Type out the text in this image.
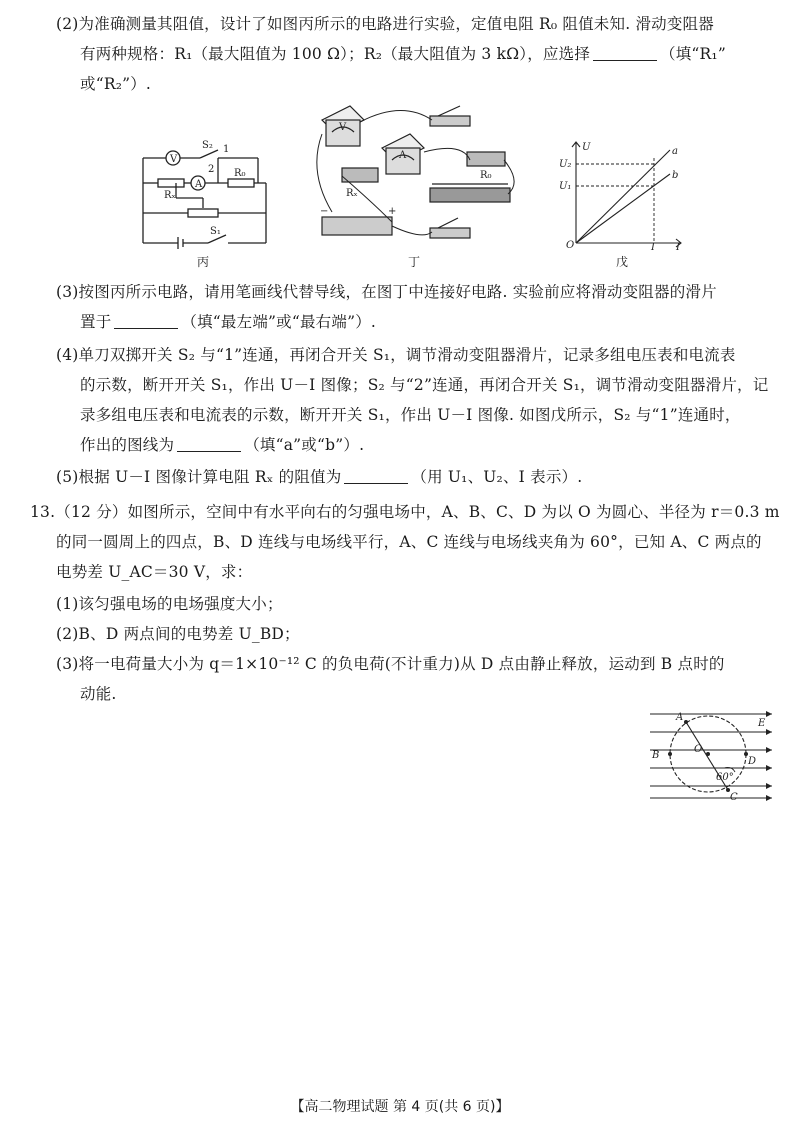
(2)为准确测量其阻值，设计了如图丙所示的电路进行实验，定值电阻 R₀ 阻值未知. 滑动变阻器
有两种规格：R₁（最大阻值为 100 Ω）；R₂（最大阻值为 3 kΩ），应选择	（填“R₁”
或“R₂”）.
V
S₂ 1
2
Rₓ
R₀
A
S₁
丙
V
A
Rₓ
R₀
−	+
丁
U
U₂
U₁
a
b
O	I I
戊
(3)按图丙所示电路，请用笔画线代替导线，在图丁中连接好电路. 实验前应将滑动变阻器的滑片
置于	（填“最左端”或“最右端”）.
(4)单刀双掷开关 S₂ 与“1”连通，再闭合开关 S₁，调节滑动变阻器滑片，记录多组电压表和电流表
的示数，断开开关 S₁，作出 U－I 图像；S₂ 与“2”连通，再闭合开关 S₁，调节滑动变阻器滑片，记
录多组电压表和电流表的示数，断开开关 S₁，作出 U－I 图像. 如图戊所示，S₂ 与“1”连通时，
作出的图线为	（填“a”或“b”）.
(5)根据 U－I 图像计算电阻 Rₓ 的阻值为	（用 U₁、U₂、I 表示）.
13.（12 分）如图所示，空间中有水平向右的匀强电场中，A、B、C、D 为以 O 为圆心、半径为 r＝0.3 m
的同一圆周上的四点，B、D 连线与电场线平行，A、C 连线与电场线夹角为 60°，已知 A、C 两点的
电势差 U_AC＝30 V，求：
(1)该匀强电场的电场强度大小；
(2)B、D 两点间的电势差 U_BD；
(3)将一电荷量大小为 q＝1×10⁻¹² C 的负电荷(不计重力)从 D 点由静止释放，运动到 B 点时的
动能.
A
E
B
O
D
60°
C
【高二物理试题 第 4 页(共 6 页)】
